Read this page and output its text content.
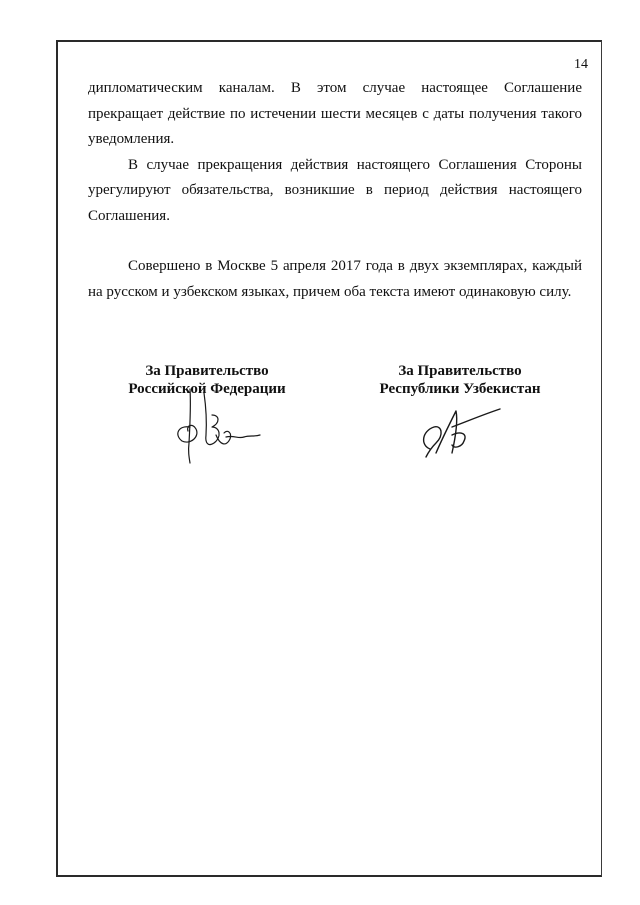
14

дипломатическим каналам. В этом случае настоящее Соглашение прекращает действие по истечении шести месяцев с даты получения такого уведомления.

В случае прекращения действия настоящего Соглашения Стороны урегулируют обязательства, возникшие в период действия настоящего Соглашения.

Совершено в Москве 5 апреля 2017 года в двух экземплярах, каждый на русском и узбекском языках, причем оба текста имеют одинаковую силу.

За Правительство
Российской Федерации
За Правительство
Республики Узбекистан
